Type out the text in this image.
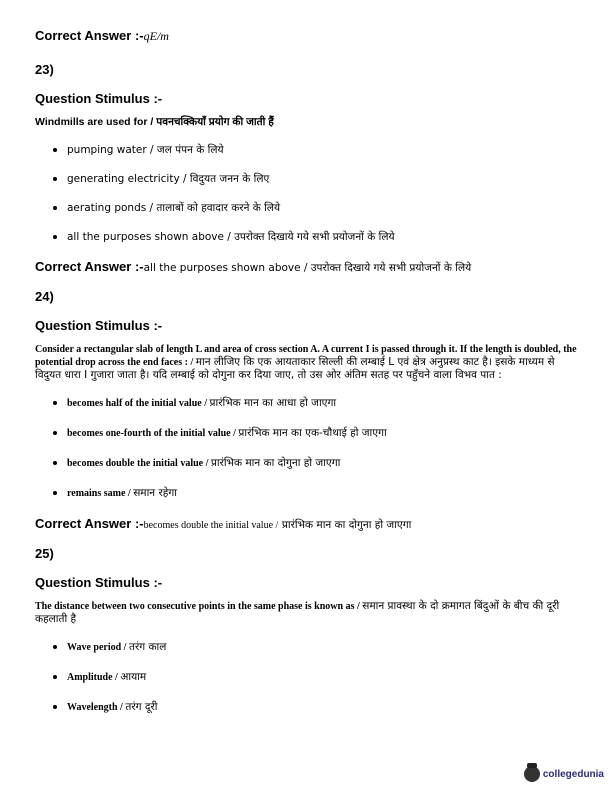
Correct Answer :-qE/m
23)
Question Stimulus :-
Windmills are used for / पवनचक्कियाँ प्रयोग की जाती हैं
pumping water / जल पंपन के लिये
generating electricity / विदुयत जनन के लिए
aerating ponds / तालाबों को हवादार करने के लिये
all the purposes shown above / उपरोक्त दिखाये गये सभी प्रयोजनों के लिये
Correct Answer :-all the purposes shown above / उपरोक्त दिखाये गये सभी प्रयोजनों के लिये
24)
Question Stimulus :-
Consider a rectangular slab of length L and area of cross section A. A current I is passed through it. If the length is doubled, the potential drop across the end faces : / मान लीजिए कि एक आयताकार सिल्ली की लम्बाई L एवं क्षेत्र अनुप्रस्थ काट है। इसके माध्यम से विदुयत धारा I गुजारा जाता है। यदि लम्बाई को दोगुना कर दिया जाए, तो उस ओर अंतिम सतह पर पहुँचने वाला विभव पात :
becomes half of the initial value / प्रारंभिक मान का आधा हो जाएगा
becomes one-fourth of the initial value / प्रारंभिक मान का एक-चौथाई हो जाएगा
becomes double the initial value / प्रारंभिक मान का दोगुना हो जाएगा
remains same / समान रहेगा
Correct Answer :-becomes double the initial value / प्रारंभिक मान का दोगुना हो जाएगा
25)
Question Stimulus :-
The distance between two consecutive points in the same phase is known as / समान प्रावस्था के दो क्रमागत बिंदुओं के बीच की दूरी कहलाती है
Wave period / तरंग काल
Amplitude / आयाम
Wavelength / तरंग दूरी
collegedunia
